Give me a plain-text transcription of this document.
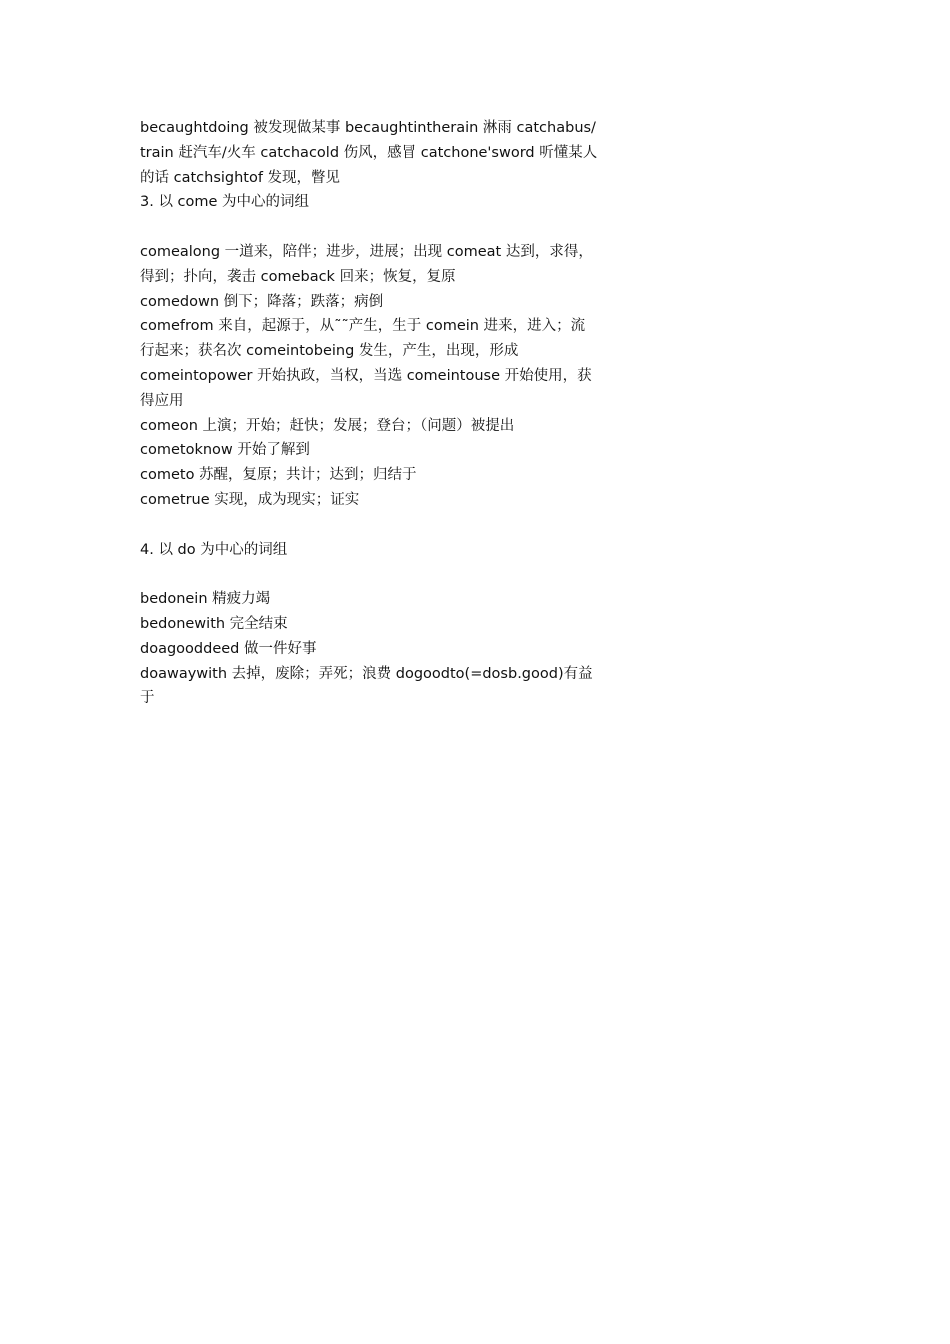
becaughtdoing 被发现做某事 becaughtintherain 淋雨 catchabus/
train 赶汽车/火车 catchacold 伤风，感冒 catchone'sword 听懂某人
的话 catchsightof 发现，瞥见
3. 以 come 为中心的词组
comealong 一道来，陪伴；进步，进展；出现 comeat 达到，求得，
得到；扑向，袭击 comeback 回来；恢复，复原
comedown 倒下；降落；跌落；病倒
comefrom 来自，起源于，从˜˜产生，生于 comein 进来，进入；流
行起来；获名次 comeintobeing 发生，产生，出现，形成
comeintopower 开始执政，当权，当选 comeintouse 开始使用，获
得应用
comeon 上演；开始；赶快；发展；登台；（问题）被提出
cometoknow 开始了解到
cometo 苏醒，复原；共计；达到；归结于
cometrue 实现，成为现实；证实
4. 以 do 为中心的词组
bedonein 精疲力竭
bedonewith 完全结束
doagooddeed 做一件好事
doawaywith 去掉，废除；弄死；浪费 dogoodto(=dosb.good)有益
于
